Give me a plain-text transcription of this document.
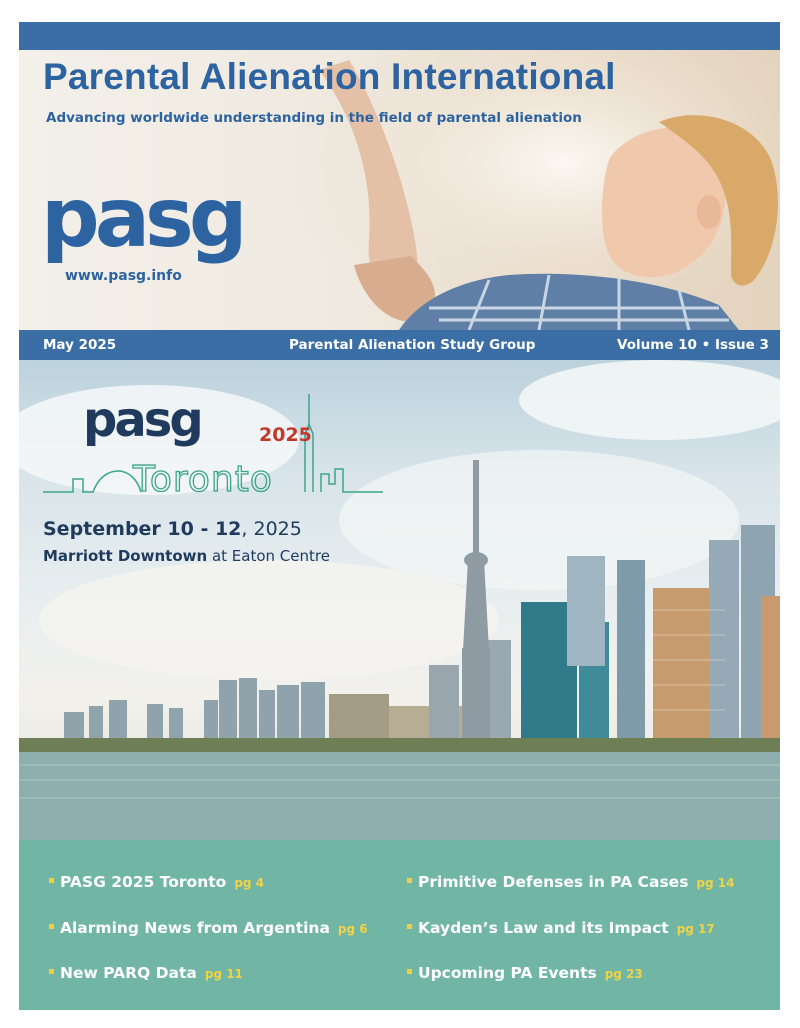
Parental Alienation International
Advancing worldwide understanding in the field of parental alienation
pasg
www.pasg.info
May 2025	Parental Alienation Study Group	Volume 10 • Issue 3
pasg	2025
Toronto
September 10 - 12, 2025
Marriott Downtown at Eaton Centre
PASG 2025 Toronto pg 4
Alarming News from Argentina pg 6
New PARQ Data pg 11
Primitive Defenses in PA Cases pg 14
Kayden’s Law and its Impact pg 17
Upcoming PA Events pg 23
